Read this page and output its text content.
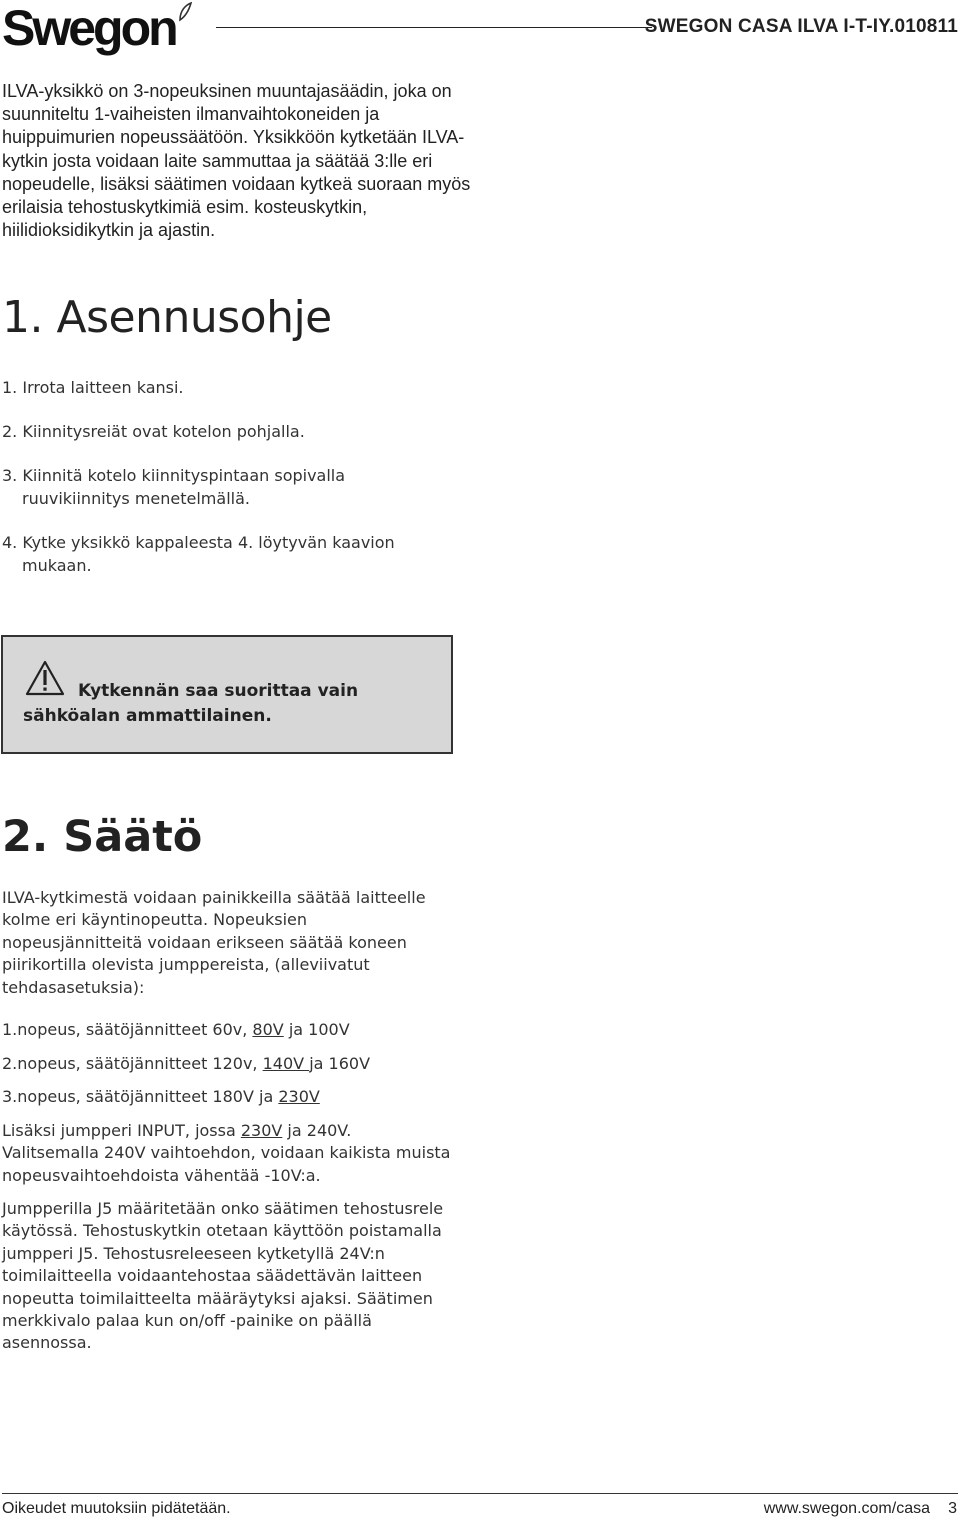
Swegon	SWEGON CASA ILVA I-T-IY.010811

ILVA-yksikkö on 3-nopeuksinen muuntajasäädin, joka on suunniteltu 1-vaiheisten ilmanvaihtokoneiden ja huippuimurien nopeussäätöön. Yksikköön kytketään ILVA-kytkin josta voidaan laite sammuttaa ja säätää 3:lle eri nopeudelle, lisäksi säätimen voidaan kytkeä suoraan myös erilaisia tehostuskytkimiä esim. kosteuskytkin, hiilidioksidikytkin ja ajastin.

1. Asennusohje

1. Irrota laitteen kansi.

2. Kiinnitysreiät ovat kotelon pohjalla.

3. Kiinnitä kotelo kiinnityspintaan sopivalla ruuvikiinnitys menetelmällä.

4. Kytke yksikkö kappaleesta 4. löytyvän kaavion mukaan.

Kytkennän saa suorittaa vain
sähköalan ammattilainen.

2. Säätö

ILVA-kytkimestä voidaan painikkeilla säätää laitteelle kolme eri käyntinopeutta. Nopeuksien nopeusjännitteitä voidaan erikseen säätää koneen piirikortilla olevista jumppereista, (alleviivatut tehdasasetuksia):

1.nopeus, säätöjännitteet 60v, 80V ja 100V

2.nopeus, säätöjännitteet 120v, 140V ja 160V

3.nopeus, säätöjännitteet 180V ja 230V

Lisäksi jumpperi INPUT, jossa 230V ja 240V. Valitsemalla 240V vaihtoehdon, voidaan kaikista muista nopeusvaihtoehdoista vähentää -10V:a.

Jumpperilla J5 määritetään onko säätimen tehostusrele käytössä. Tehostuskytkin otetaan käyttöön poistamalla jumpperi J5. Tehostusreleeseen kytketyllä 24V:n toimilaitteella voidaantehostaa säädettävän laitteen nopeutta toimilaitteelta määräytyksi ajaksi. Säätimen merkkivalo palaa kun on/off -painike on päällä asennossa.

Oikeudet muutoksiin pidätetään.	www.swegon.com/casa 3
